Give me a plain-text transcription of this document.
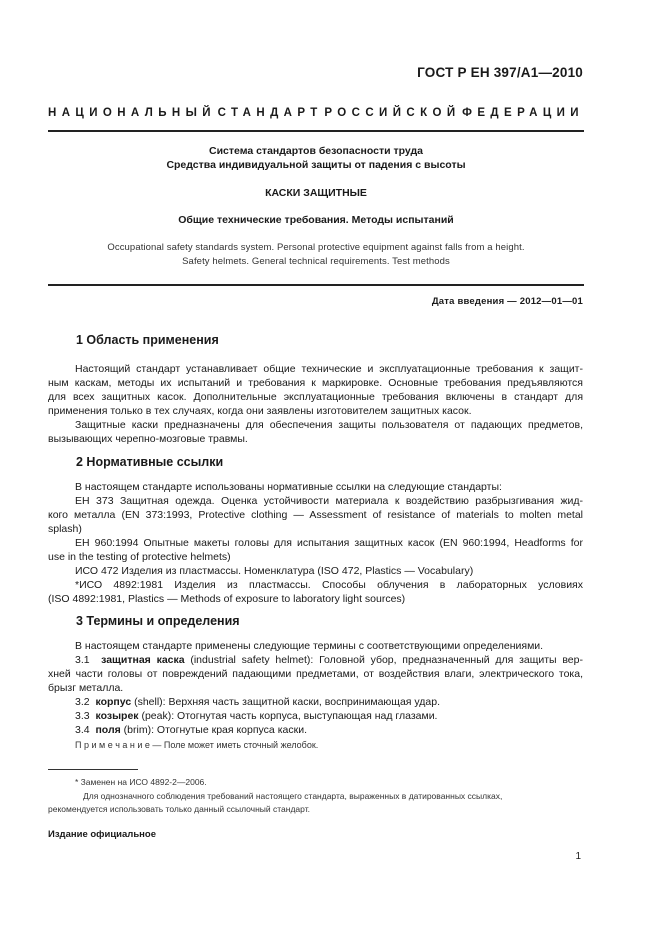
ГОСТ Р ЕН 397/A1—2010
НАЦИОНАЛЬНЫЙ СТАНДАРТ РОССИЙСКОЙ ФЕДЕРАЦИИ
Система стандартов безопасности труда
Средства индивидуальной защиты от падения с высоты
КАСКИ ЗАЩИТНЫЕ
Общие технические требования. Методы испытаний
Occupational safety standards system. Personal protective equipment against falls from a height.
Safety helmets. General technical requirements. Test methods
Дата введения — 2012—01—01
1 Область применения

Настоящий стандарт устанавливает общие технические и эксплуатационные требования к защит-

ным каскам, методы их испытаний и требования к маркировке. Основные требования предъявляются

для всех защитных касок. Дополнительные эксплуатационные требования включены в стандарт для

применения только в тех случаях, когда они заявлены изготовителем защитных касок.

Защитные каски предназначены для обеспечения защиты пользователя от падающих предметов,

вызывающих черепно-мозговые травмы.

2 Нормативные ссылки

В настоящем стандарте использованы нормативные ссылки на следующие стандарты:

ЕН 373 Защитная одежда. Оценка устойчивости материала к воздействию разбрызгивания жид-

кого металла (EN 373:1993, Protective clothing — Assessment of resistance of materials to molten metal

splash)

ЕН 960:1994 Опытные макеты головы для испытания защитных касок (EN 960:1994, Headforms for

use in the testing of protective helmets)

ИСО 472 Изделия из пластмассы. Номенклатура (ISO 472, Plastics — Vocabulary)

*ИСО 4892:1981 Изделия из пластмассы. Способы облучения в лабораторных условиях

(ISO 4892:1981, Plastics — Methods of exposure to laboratory light sources)

3 Термины и определения

В настоящем стандарте применены следующие термины с соответствующими определениями.

3.1 защитная каска (industrial safety helmet): Головной убор, предназначенный для защиты вер-

хней части головы от повреждений падающими предметами, от воздействия влаги, электрического тока,

брызг металла.

3.2 корпус (shell): Верхняя часть защитной каски, воспринимающая удар.

3.3 козырек (peak): Отогнутая часть корпуса, выступающая над глазами.

3.4 поля (brim): Отогнутые края корпуса каски.

П р и м е ч а н и е — Поле может иметь сточный желобок.
* Заменен на ИСО 4892-2—2006.
Для однозначного соблюдения требований настоящего стандарта, выраженных в датированных ссылках,
рекомендуется использовать только данный ссылочный стандарт.
Издание официальное
1
